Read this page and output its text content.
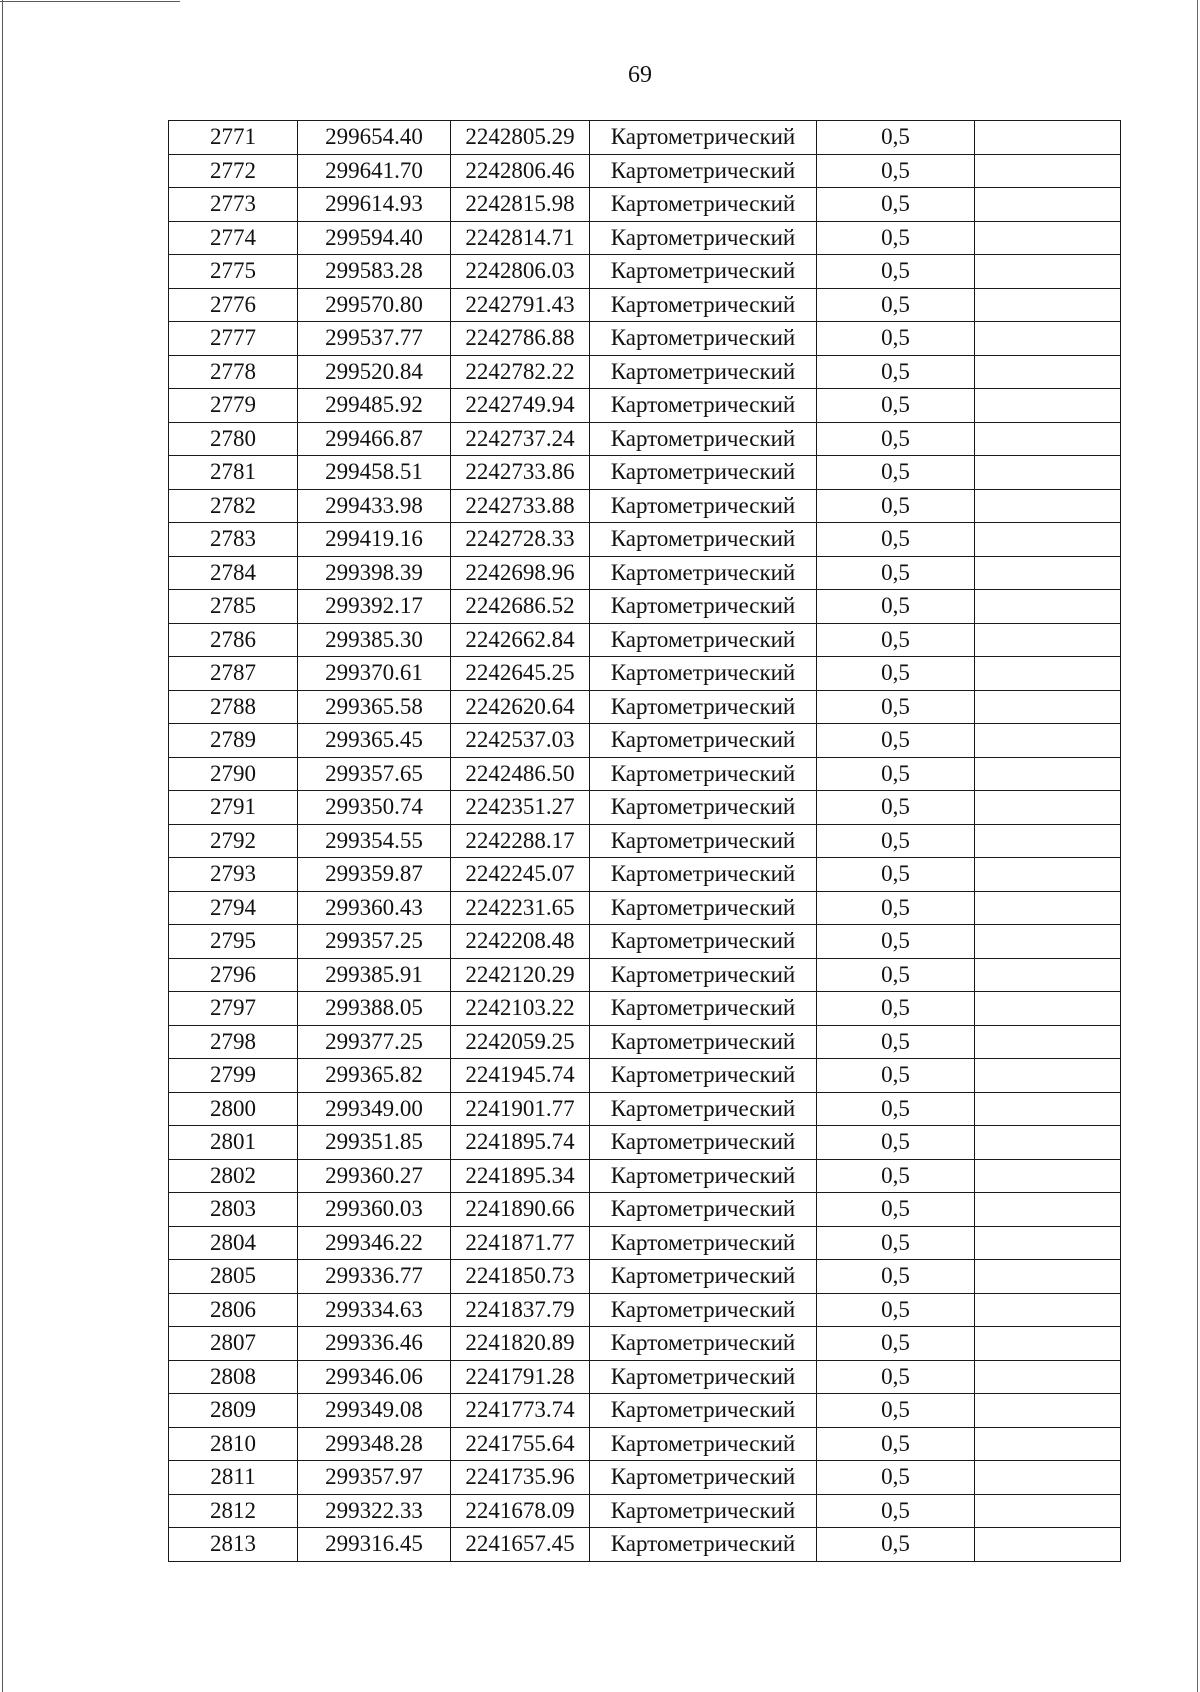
69
2771	299654.40	2242805.29	Картометрический	0,5	
2772	299641.70	2242806.46	Картометрический	0,5	
2773	299614.93	2242815.98	Картометрический	0,5	
2774	299594.40	2242814.71	Картометрический	0,5	
2775	299583.28	2242806.03	Картометрический	0,5	
2776	299570.80	2242791.43	Картометрический	0,5	
2777	299537.77	2242786.88	Картометрический	0,5	
2778	299520.84	2242782.22	Картометрический	0,5	
2779	299485.92	2242749.94	Картометрический	0,5	
2780	299466.87	2242737.24	Картометрический	0,5	
2781	299458.51	2242733.86	Картометрический	0,5	
2782	299433.98	2242733.88	Картометрический	0,5	
2783	299419.16	2242728.33	Картометрический	0,5	
2784	299398.39	2242698.96	Картометрический	0,5	
2785	299392.17	2242686.52	Картометрический	0,5	
2786	299385.30	2242662.84	Картометрический	0,5	
2787	299370.61	2242645.25	Картометрический	0,5	
2788	299365.58	2242620.64	Картометрический	0,5	
2789	299365.45	2242537.03	Картометрический	0,5	
2790	299357.65	2242486.50	Картометрический	0,5	
2791	299350.74	2242351.27	Картометрический	0,5	
2792	299354.55	2242288.17	Картометрический	0,5	
2793	299359.87	2242245.07	Картометрический	0,5	
2794	299360.43	2242231.65	Картометрический	0,5	
2795	299357.25	2242208.48	Картометрический	0,5	
2796	299385.91	2242120.29	Картометрический	0,5	
2797	299388.05	2242103.22	Картометрический	0,5	
2798	299377.25	2242059.25	Картометрический	0,5	
2799	299365.82	2241945.74	Картометрический	0,5	
2800	299349.00	2241901.77	Картометрический	0,5	
2801	299351.85	2241895.74	Картометрический	0,5	
2802	299360.27	2241895.34	Картометрический	0,5	
2803	299360.03	2241890.66	Картометрический	0,5	
2804	299346.22	2241871.77	Картометрический	0,5	
2805	299336.77	2241850.73	Картометрический	0,5	
2806	299334.63	2241837.79	Картометрический	0,5	
2807	299336.46	2241820.89	Картометрический	0,5	
2808	299346.06	2241791.28	Картометрический	0,5	
2809	299349.08	2241773.74	Картометрический	0,5	
2810	299348.28	2241755.64	Картометрический	0,5	
2811	299357.97	2241735.96	Картометрический	0,5	
2812	299322.33	2241678.09	Картометрический	0,5	
2813	299316.45	2241657.45	Картометрический	0,5	
